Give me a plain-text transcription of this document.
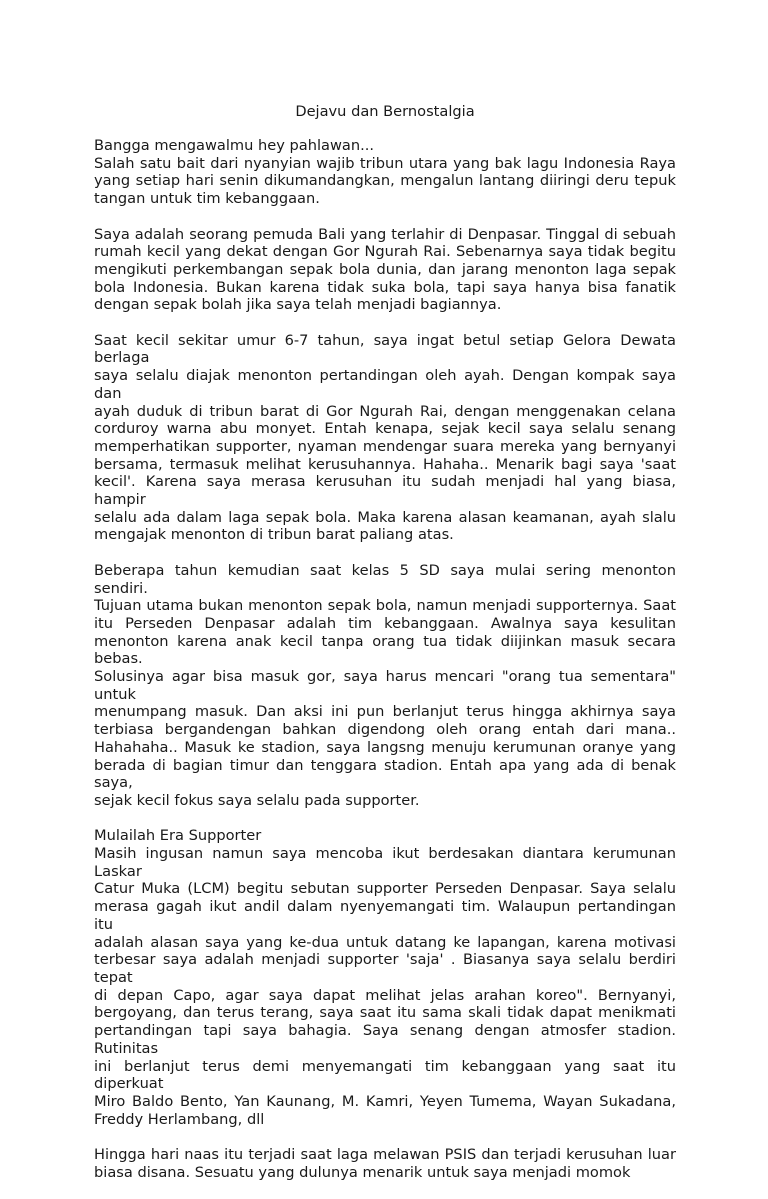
Dejavu dan Bernostalgia

Bangga mengawalmu hey pahlawan...
Salah satu bait dari nyanyian wajib tribun utara yang bak lagu Indonesia Raya
yang setiap hari senin dikumandangkan, mengalun lantang diiringi deru tepuk
tangan untuk tim kebanggaan.

Saya adalah seorang pemuda Bali yang terlahir di Denpasar. Tinggal di sebuah
rumah kecil yang dekat dengan Gor Ngurah Rai. Sebenarnya saya tidak begitu
mengikuti perkembangan sepak bola dunia, dan jarang menonton laga sepak
bola Indonesia. Bukan karena tidak suka bola, tapi saya hanya bisa fanatik
dengan sepak bolah jika saya telah menjadi bagiannya.

Saat kecil sekitar umur 6-7 tahun, saya ingat betul setiap Gelora Dewata berlaga
saya selalu diajak menonton pertandingan oleh ayah. Dengan kompak saya dan
ayah duduk di tribun barat di Gor Ngurah Rai, dengan menggenakan celana
corduroy warna abu monyet. Entah kenapa, sejak kecil saya selalu senang
memperhatikan supporter, nyaman mendengar suara mereka yang bernyanyi
bersama, termasuk melihat kerusuhannya. Hahaha.. Menarik bagi saya 'saat
kecil'. Karena saya merasa kerusuhan itu sudah menjadi hal yang biasa, hampir
selalu ada dalam laga sepak bola. Maka karena alasan keamanan, ayah slalu
mengajak menonton di tribun barat paliang atas.

Beberapa tahun kemudian saat kelas 5 SD saya mulai sering menonton sendiri.
Tujuan utama bukan menonton sepak bola, namun menjadi supporternya. Saat
itu Perseden Denpasar adalah tim kebanggaan. Awalnya saya kesulitan
menonton karena anak kecil tanpa orang tua tidak diijinkan masuk secara bebas.
Solusinya agar bisa masuk gor, saya harus mencari "orang tua sementara" untuk
menumpang masuk. Dan aksi ini pun berlanjut terus hingga akhirnya saya
terbiasa bergandengan bahkan digendong oleh orang entah dari mana..
Hahahaha.. Masuk ke stadion, saya langsng menuju kerumunan oranye yang
berada di bagian timur dan tenggara stadion. Entah apa yang ada di benak saya,
sejak kecil fokus saya selalu pada supporter.

Mulailah Era Supporter
Masih ingusan namun saya mencoba ikut berdesakan diantara kerumunan Laskar
Catur Muka (LCM) begitu sebutan supporter Perseden Denpasar. Saya selalu
merasa gagah ikut andil dalam nyenyemangati tim. Walaupun pertandingan itu
adalah alasan saya yang ke-dua untuk datang ke lapangan, karena motivasi
terbesar saya adalah menjadi supporter 'saja' . Biasanya saya selalu berdiri tepat
di depan Capo, agar saya dapat melihat jelas arahan koreo". Bernyanyi,
bergoyang, dan terus terang, saya saat itu sama skali tidak dapat menikmati
pertandingan tapi saya bahagia. Saya senang dengan atmosfer stadion. Rutinitas
ini berlanjut terus demi menyemangati tim kebanggaan yang saat itu diperkuat
Miro Baldo Bento, Yan Kaunang, M. Kamri, Yeyen Tumema, Wayan Sukadana,
Freddy Herlambang, dll

Hingga hari naas itu terjadi saat laga melawan PSIS dan terjadi kerusuhan luar
biasa disana. Sesuatu yang dulunya menarik untuk saya menjadi momok
